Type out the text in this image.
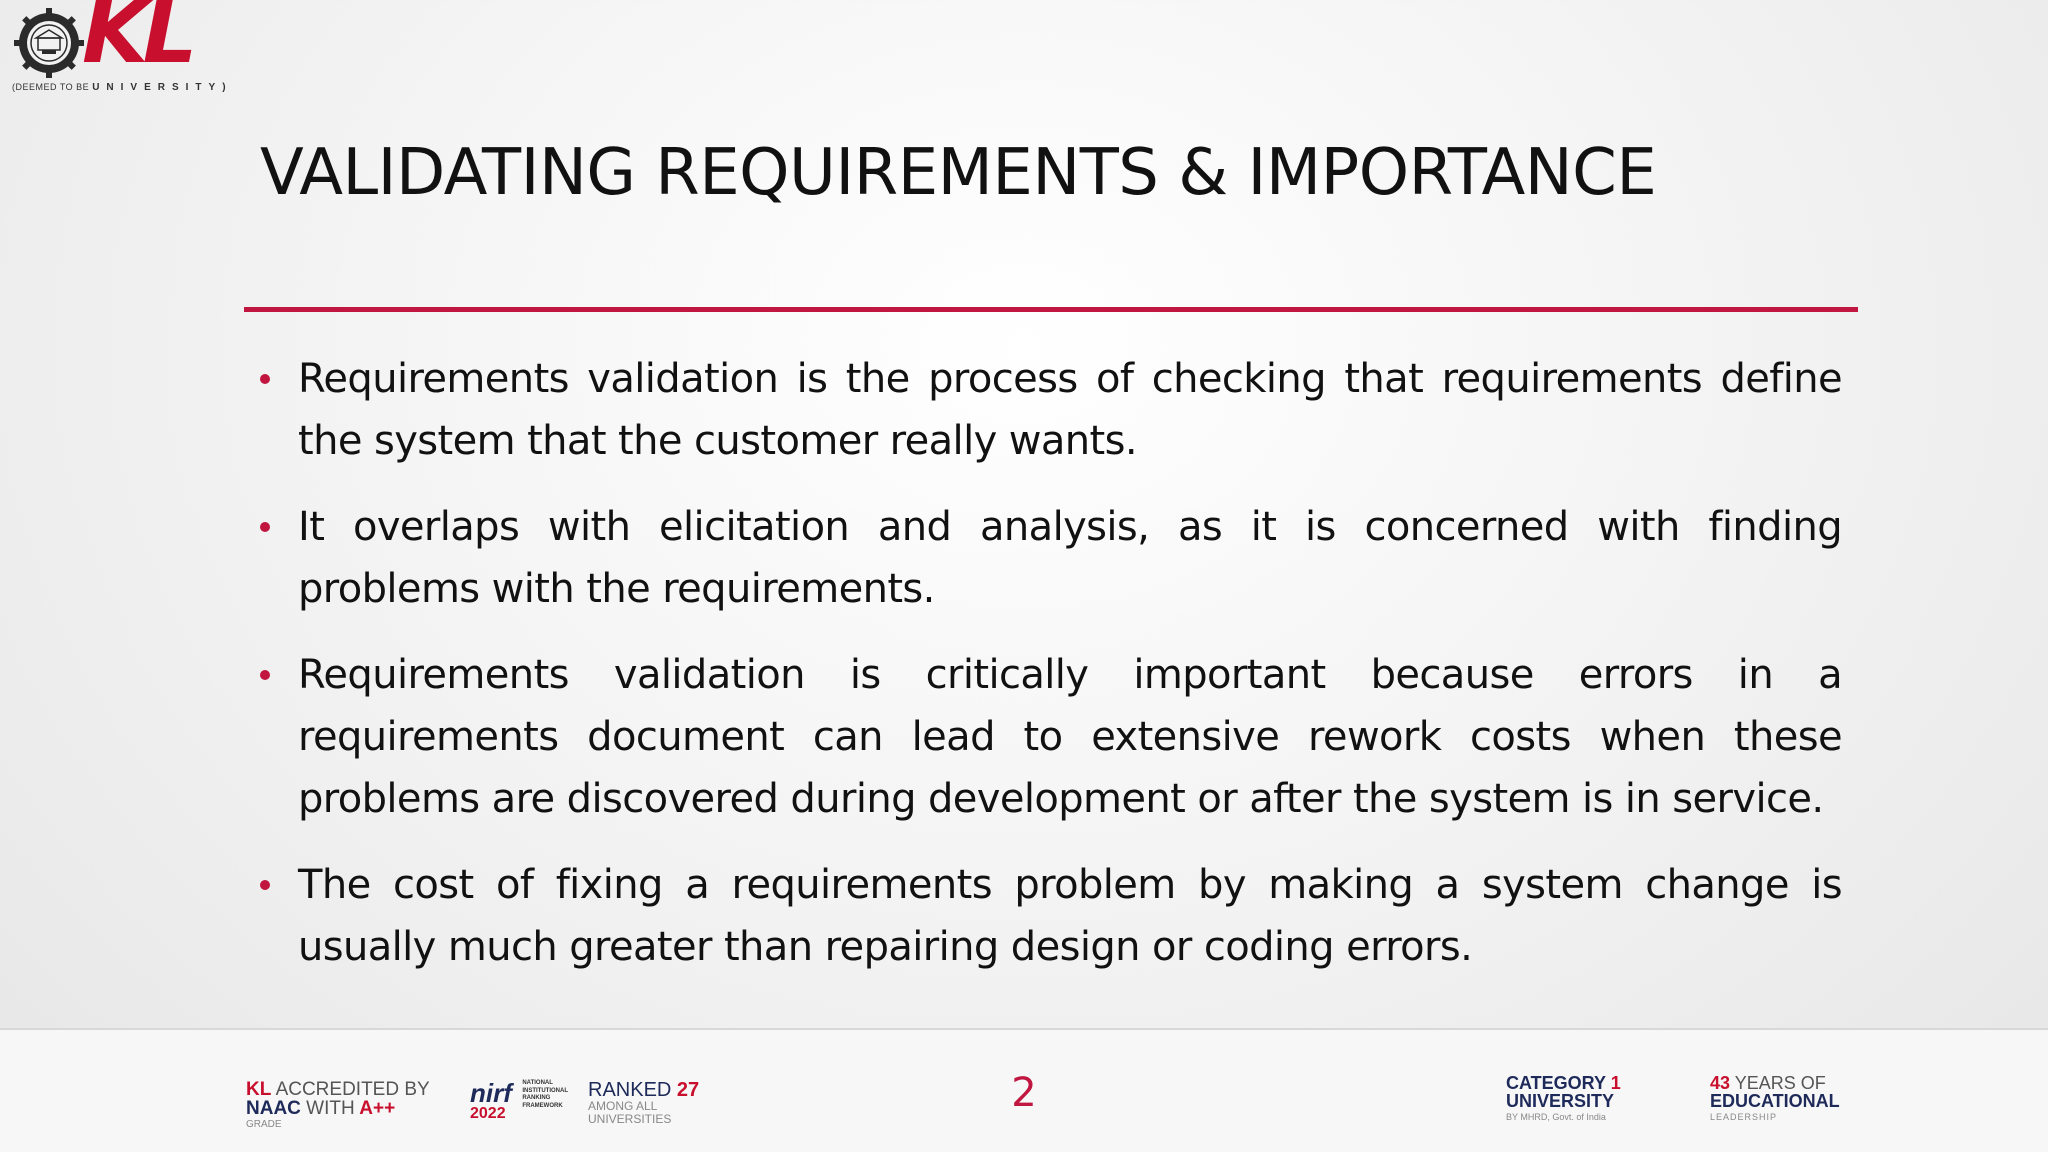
KL
(DEEMED TO BE UNIVERSITY)
VALIDATING REQUIREMENTS & IMPORTANCE
Requirements validation is the process of checking that requirements define the system that the customer really wants.
It overlaps with elicitation and analysis, as it is concerned with finding problems with the requirements.
Requirements validation is critically important because errors in a requirements document can lead to extensive rework costs when these problems are discovered during development or after the system is in service.
The cost of fixing a requirements problem by making a system change is usually much greater than repairing design or coding errors.
KL ACCREDITED BY
NAAC WITH A++
GRADE
nirf
2022
NATIONAL
INSTITUTIONAL
RANKING
FRAMEWORK
RANKED 27
AMONG ALL
UNIVERSITIES
2	CATEGORY 1
UNIVERSITY
BY MHRD, Govt. of India
43 YEARS OF
EDUCATIONAL
LEADERSHIP
